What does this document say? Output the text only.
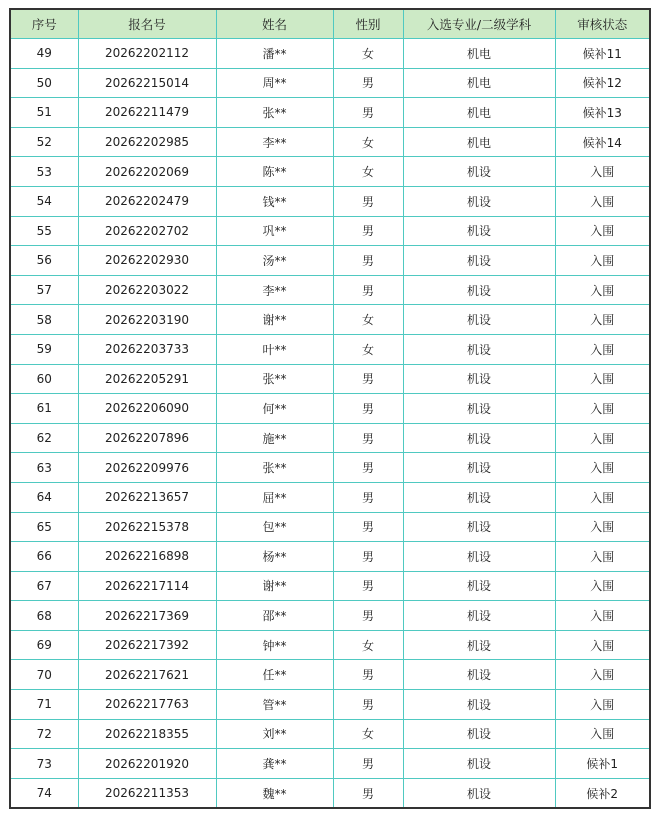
序号	报名号	姓名	性别	入选专业/二级学科	审核状态
49	20262202112	潘**	女	机电	候补11
50	20262215014	周**	男	机电	候补12
51	20262211479	张**	男	机电	候补13
52	20262202985	李**	女	机电	候补14
53	20262202069	陈**	女	机设	入围
54	20262202479	钱**	男	机设	入围
55	20262202702	巩**	男	机设	入围
56	20262202930	汤**	男	机设	入围
57	20262203022	李**	男	机设	入围
58	20262203190	谢**	女	机设	入围
59	20262203733	叶**	女	机设	入围
60	20262205291	张**	男	机设	入围
61	20262206090	何**	男	机设	入围
62	20262207896	施**	男	机设	入围
63	20262209976	张**	男	机设	入围
64	20262213657	屈**	男	机设	入围
65	20262215378	包**	男	机设	入围
66	20262216898	杨**	男	机设	入围
67	20262217114	谢**	男	机设	入围
68	20262217369	邵**	男	机设	入围
69	20262217392	钟**	女	机设	入围
70	20262217621	任**	男	机设	入围
71	20262217763	管**	男	机设	入围
72	20262218355	刘**	女	机设	入围
73	20262201920	龚**	男	机设	候补1
74	20262211353	魏**	男	机设	候补2
